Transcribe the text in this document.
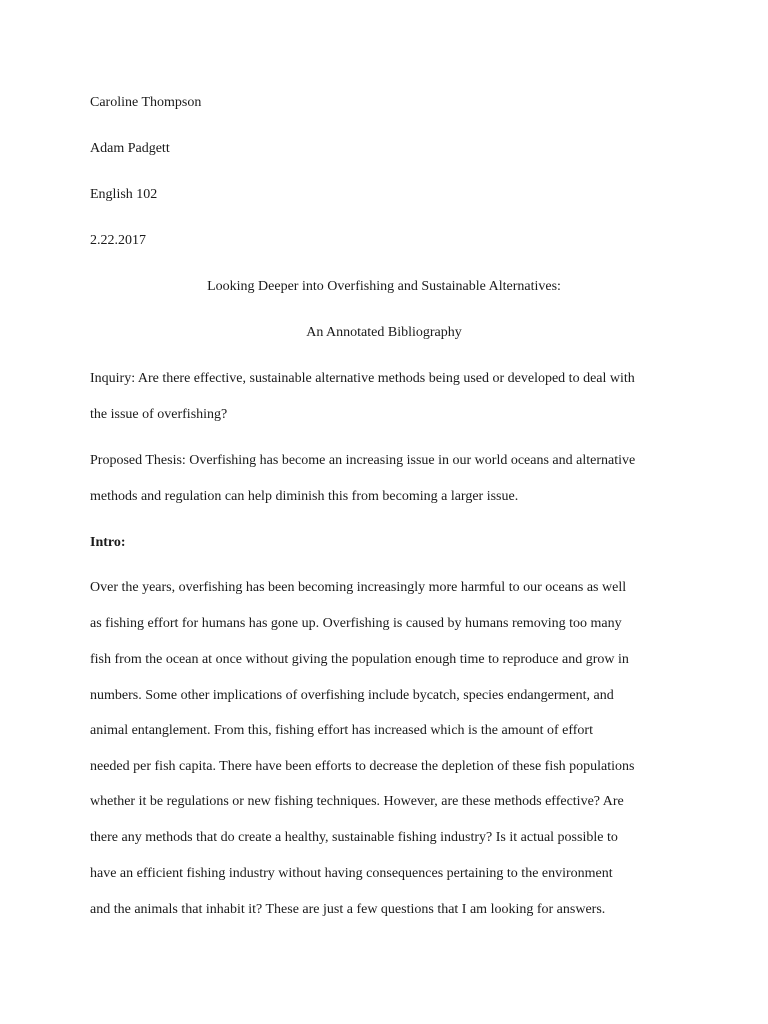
Caroline Thompson
Adam Padgett
English 102
2.22.2017
Looking Deeper into Overfishing and Sustainable Alternatives:
An Annotated Bibliography
Inquiry: Are there effective, sustainable alternative methods being used or developed to deal with
the issue of overfishing?
Proposed Thesis: Overfishing has become an increasing issue in our world oceans and alternative
methods and regulation can help diminish this from becoming a larger issue.
Intro:
Over the years, overfishing has been becoming increasingly more harmful to our oceans as well
as fishing effort for humans has gone up. Overfishing is caused by humans removing too many
fish from the ocean at once without giving the population enough time to reproduce and grow in
numbers. Some other implications of overfishing include bycatch, species endangerment, and
animal entanglement. From this, fishing effort has increased which is the amount of effort
needed per fish capita. There have been efforts to decrease the depletion of these fish populations
whether it be regulations or new fishing techniques. However, are these methods effective? Are
there any methods that do create a healthy, sustainable fishing industry? Is it actual possible to
have an efficient fishing industry without having consequences pertaining to the environment
and the animals that inhabit it? These are just a few questions that I am looking for answers.
